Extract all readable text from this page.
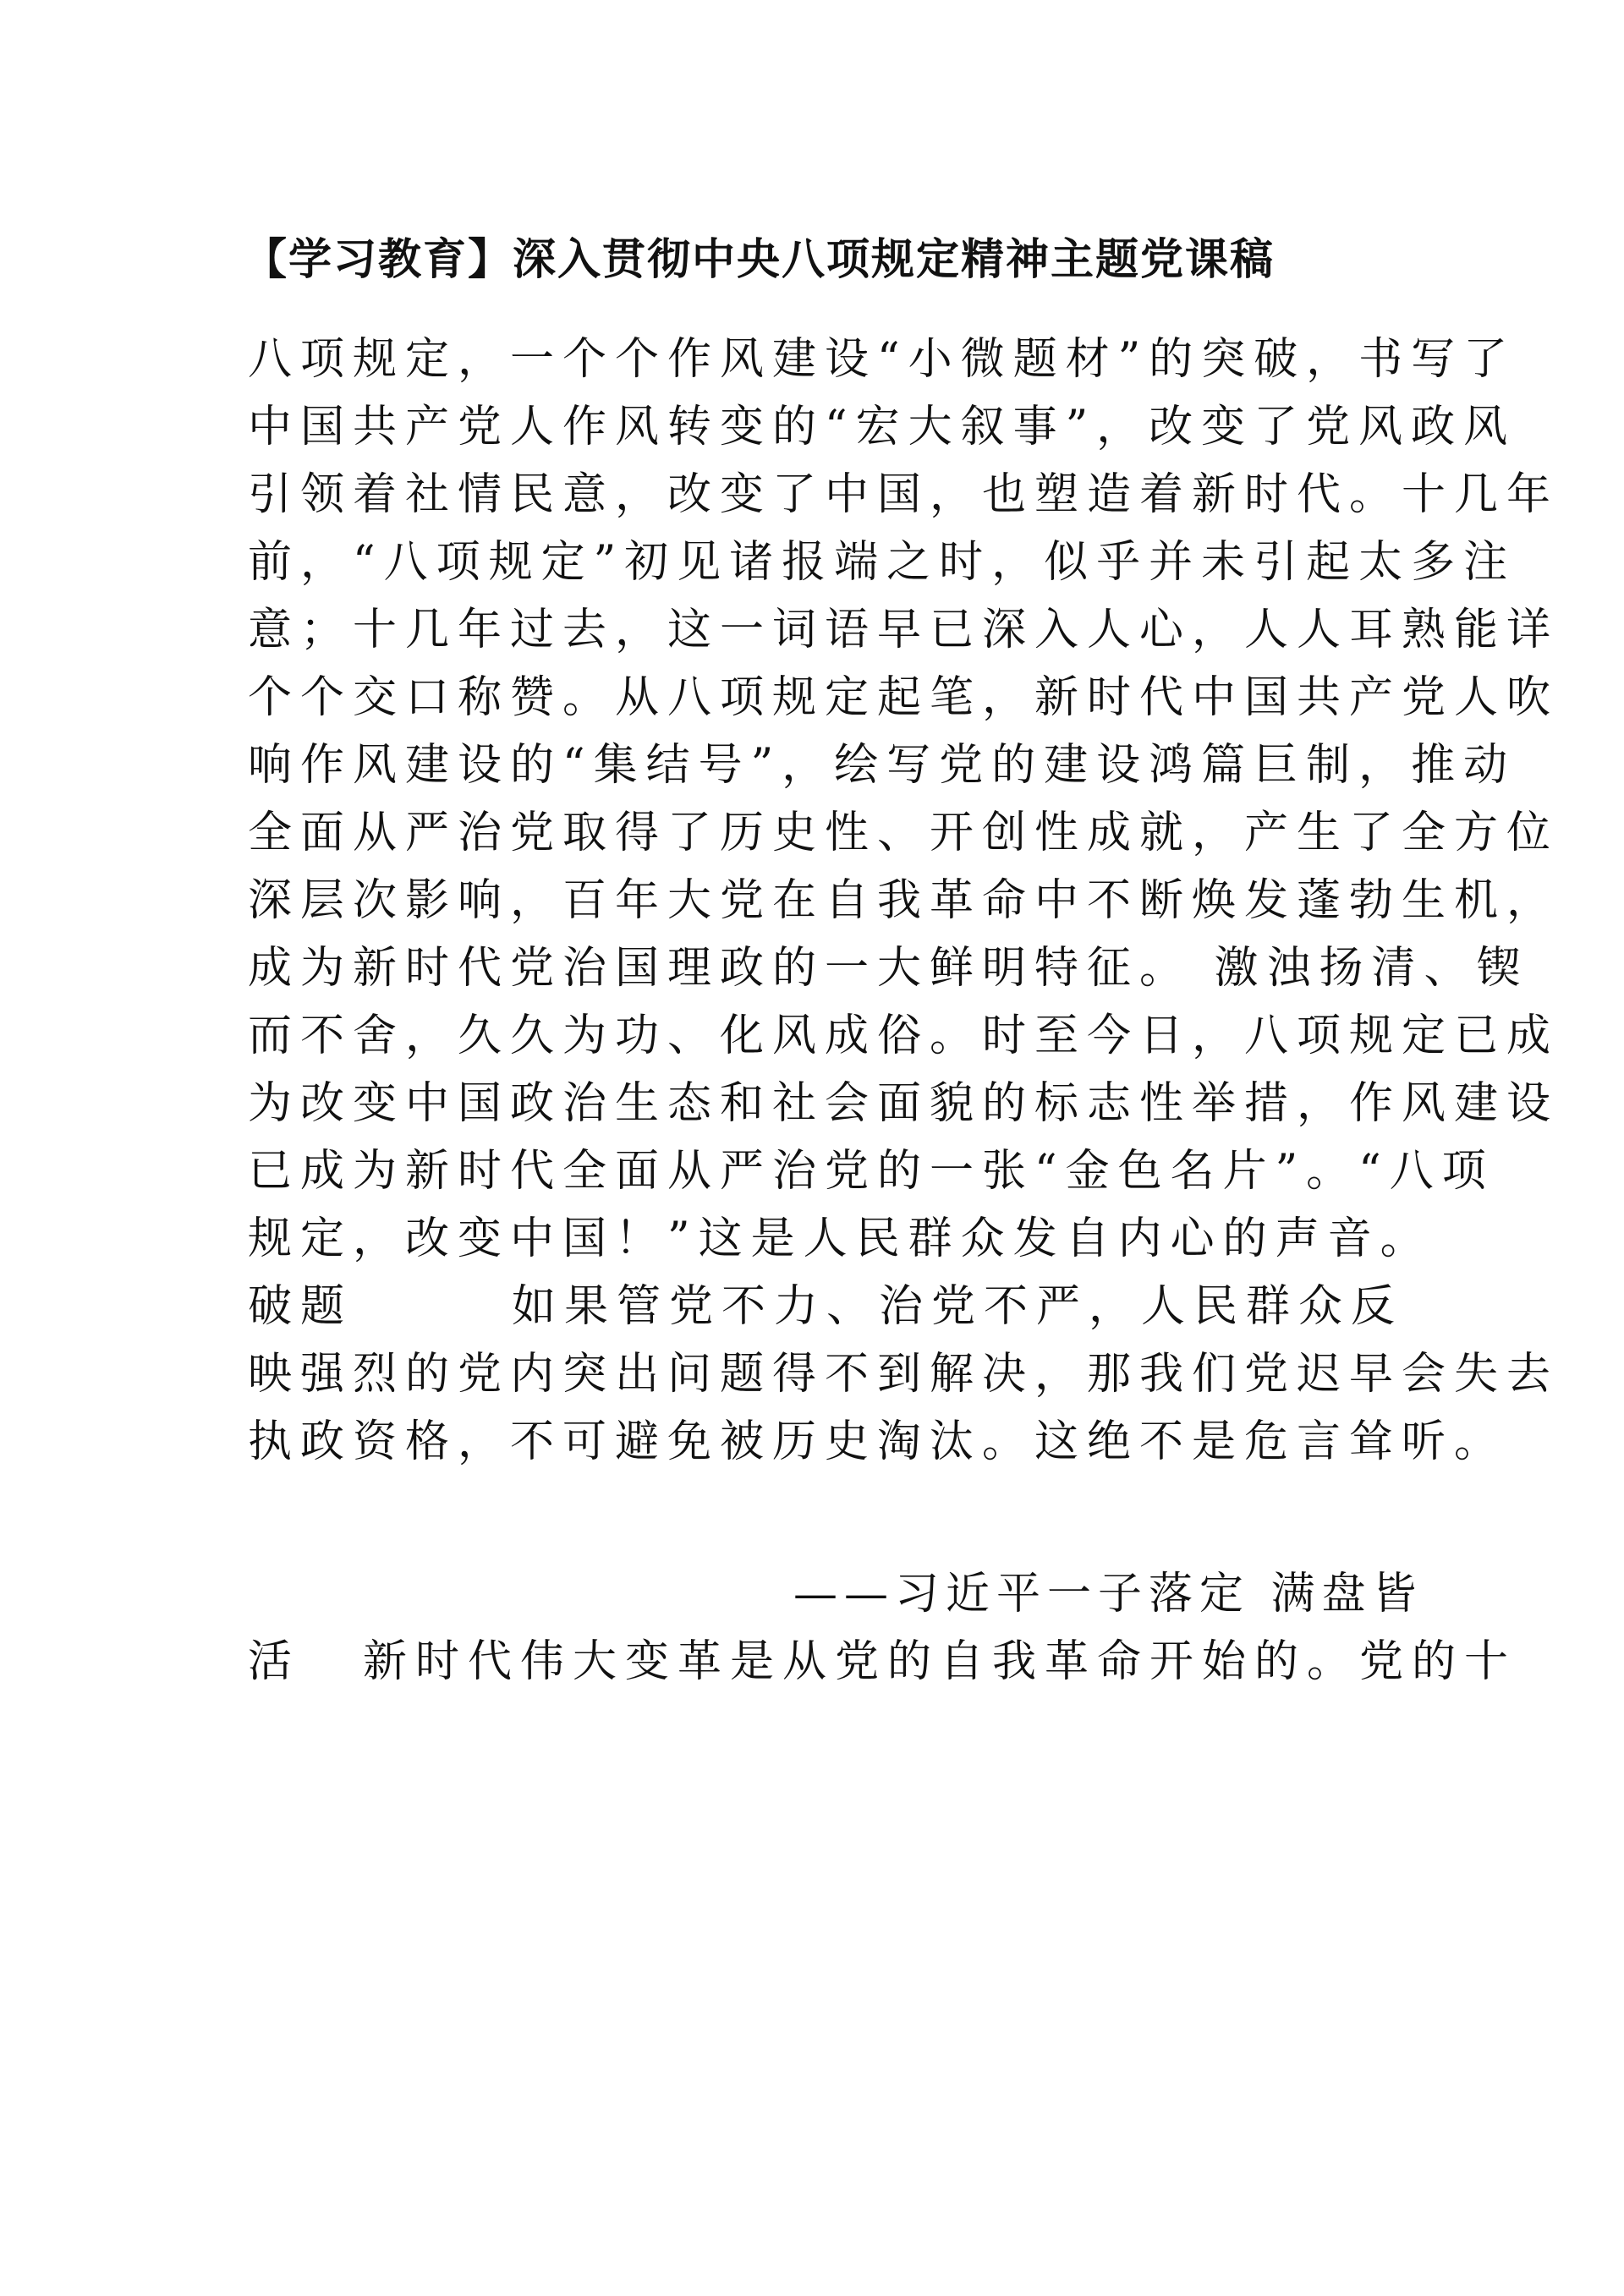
【学习教育】深入贯彻中央八项规定精神主题党课稿

八项规定，一个个作风建设“小微题材”的突破，书写了

中国共产党人作风转变的“宏大叙事”，改变了党风政风

引领着社情民意，改变了中国，也塑造着新时代。十几年

前，“八项规定”初见诸报端之时，似乎并未引起太多注

意；十几年过去，这一词语早已深入人心，人人耳熟能详

个个交口称赞。从八项规定起笔，新时代中国共产党人吹

响作风建设的“集结号”，绘写党的建设鸿篇巨制，推动

全面从严治党取得了历史性、开创性成就，产生了全方位

深层次影响，百年大党在自我革命中不断焕发蓬勃生机，

成为新时代党治国理政的一大鲜明特征。 激浊扬清、锲

而不舍，久久为功、化风成俗。时至今日，八项规定已成

为改变中国政治生态和社会面貌的标志性举措，作风建设

已成为新时代全面从严治党的一张“金色名片”。“八项

规定，改变中国！”这是人民群众发自内心的声音。

破题	如果管党不力、治党不严，人民群众反

映强烈的党内突出问题得不到解决，那我们党迟早会失去

执政资格，不可避免被历史淘汰。这绝不是危言耸听。

——习近平一子落定 满盘皆

活 新时代伟大变革是从党的自我革命开始的。党的十
